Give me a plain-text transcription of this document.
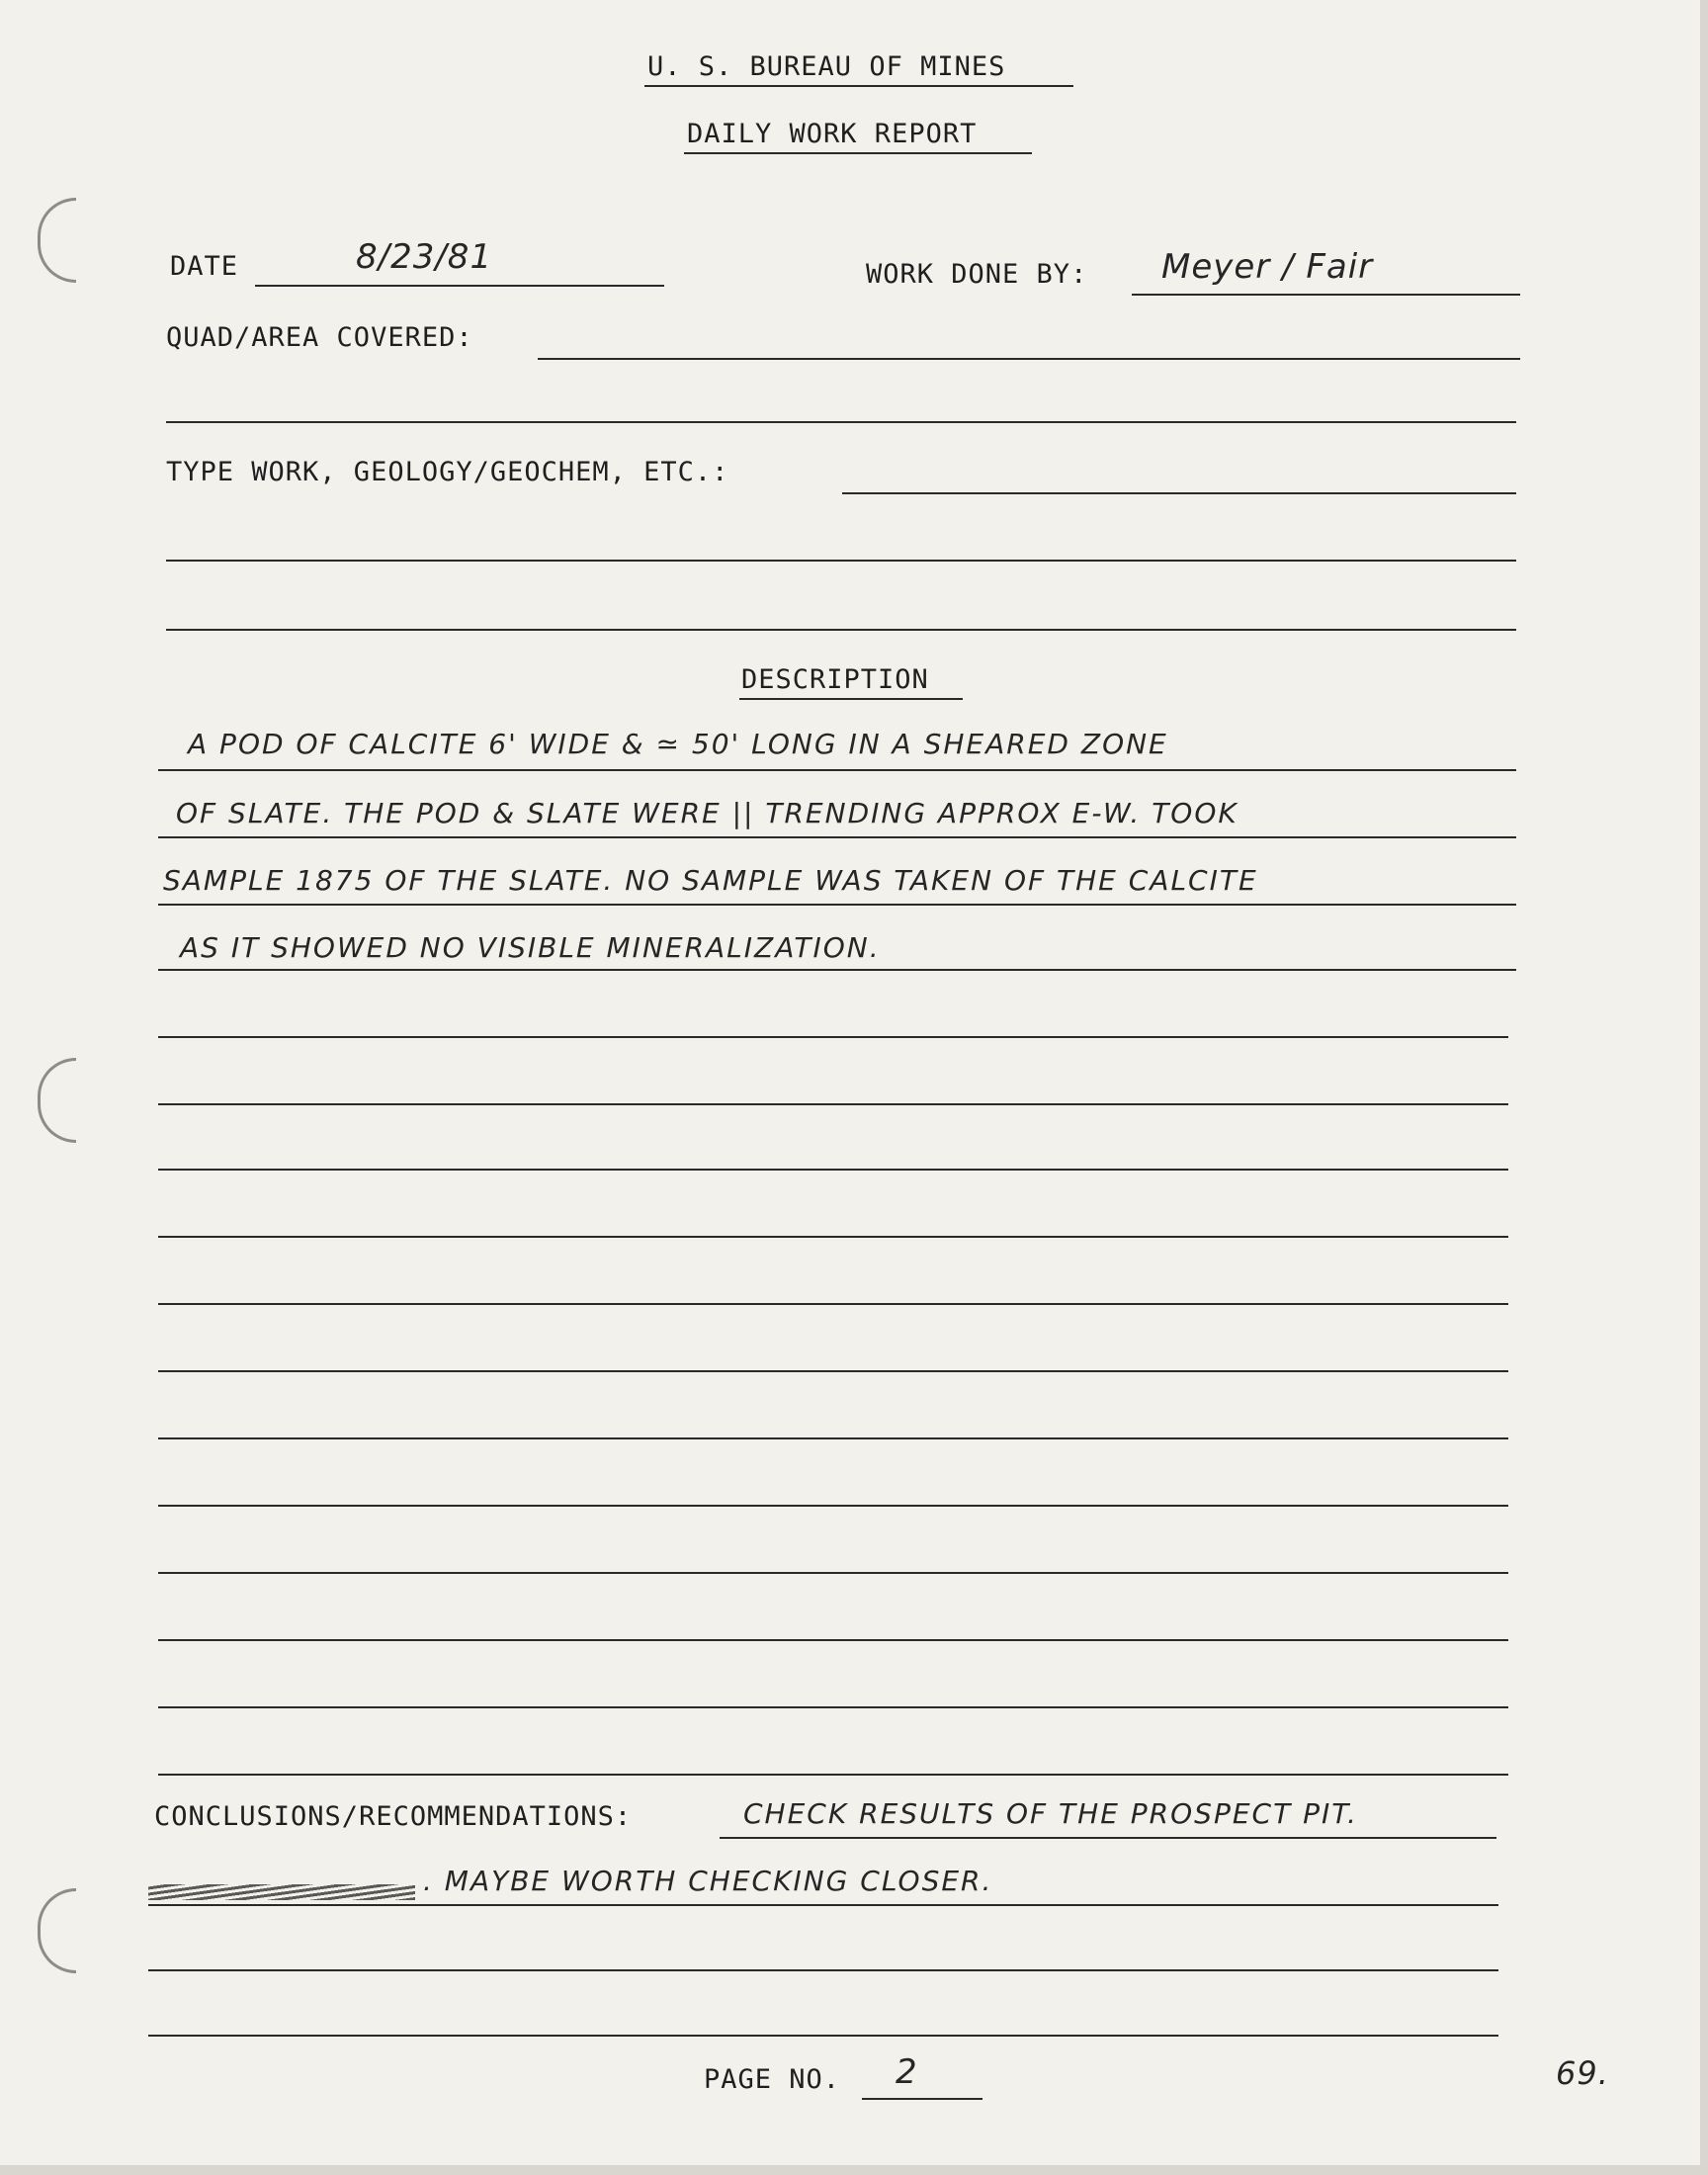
U. S. BUREAU OF MINES
DAILY WORK REPORT
DATE	8/23/81	WORK DONE BY: Meyer / Fair
QUAD/AREA COVERED:
TYPE WORK, GEOLOGY/GEOCHEM, ETC.:
DESCRIPTION
A POD OF CALCITE 6' WIDE & ≃ 50' LONG IN A SHEARED ZONE
OF SLATE. THE POD & SLATE WERE || TRENDING APPROX E-W. TOOK
SAMPLE 1875 OF THE SLATE. NO SAMPLE WAS TAKEN OF THE CALCITE
AS IT SHOWED NO VISIBLE MINERALIZATION.
CONCLUSIONS/RECOMMENDATIONS:	CHECK RESULTS OF THE PROSPECT PIT.
. MAYBE WORTH CHECKING CLOSER.
PAGE NO. 2	69.
